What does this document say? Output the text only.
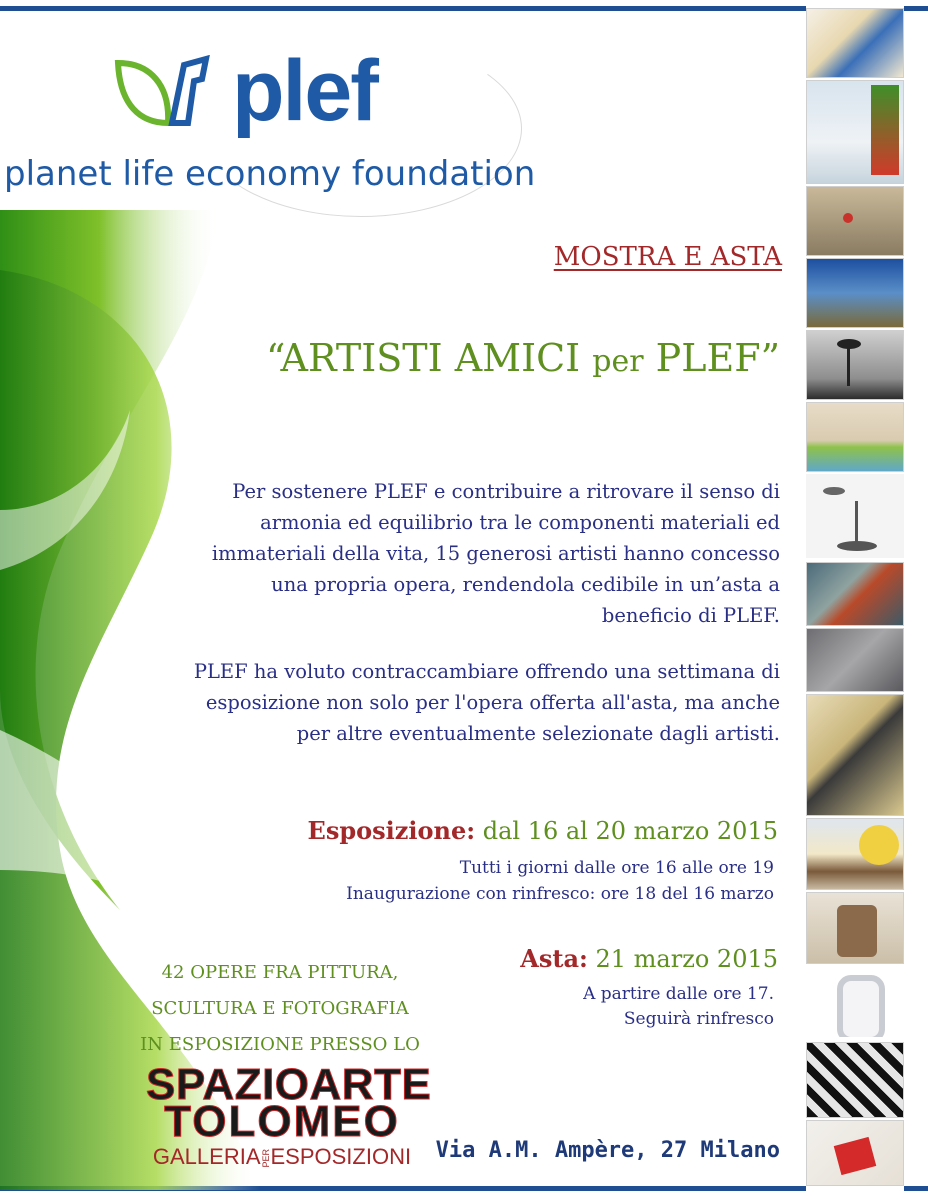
plef
planet life economy foundation
MOSTRA E ASTA
“ARTISTI AMICI per PLEF”
Per sostenere PLEF e contribuire a ritrovare il senso di armonia ed equilibrio tra le componenti materiali ed immateriali della vita, 15 generosi artisti hanno concesso una propria opera, rendendola cedibile in un’asta a beneficio di PLEF.
PLEF ha voluto contraccambiare offrendo una settimana di esposizione non solo per l'opera offerta all'asta, ma anche per altre eventualmente selezionate dagli artisti.
Esposizione: dal 16 al 20 marzo 2015
Tutti i giorni dalle ore 16 alle ore 19
Inaugurazione con rinfresco: ore 18 del 16 marzo
Asta: 21 marzo 2015
A partire dalle ore 17.
Seguirà rinfresco
42 OPERE FRA PITTURA,
SCULTURA E FOTOGRAFIA
IN ESPOSIZIONE PRESSO LO
SPAZIOARTE
TOLOMEO
GALLERIAPERESPOSIZIONI	Via A.M. Ampère, 27 Milano
